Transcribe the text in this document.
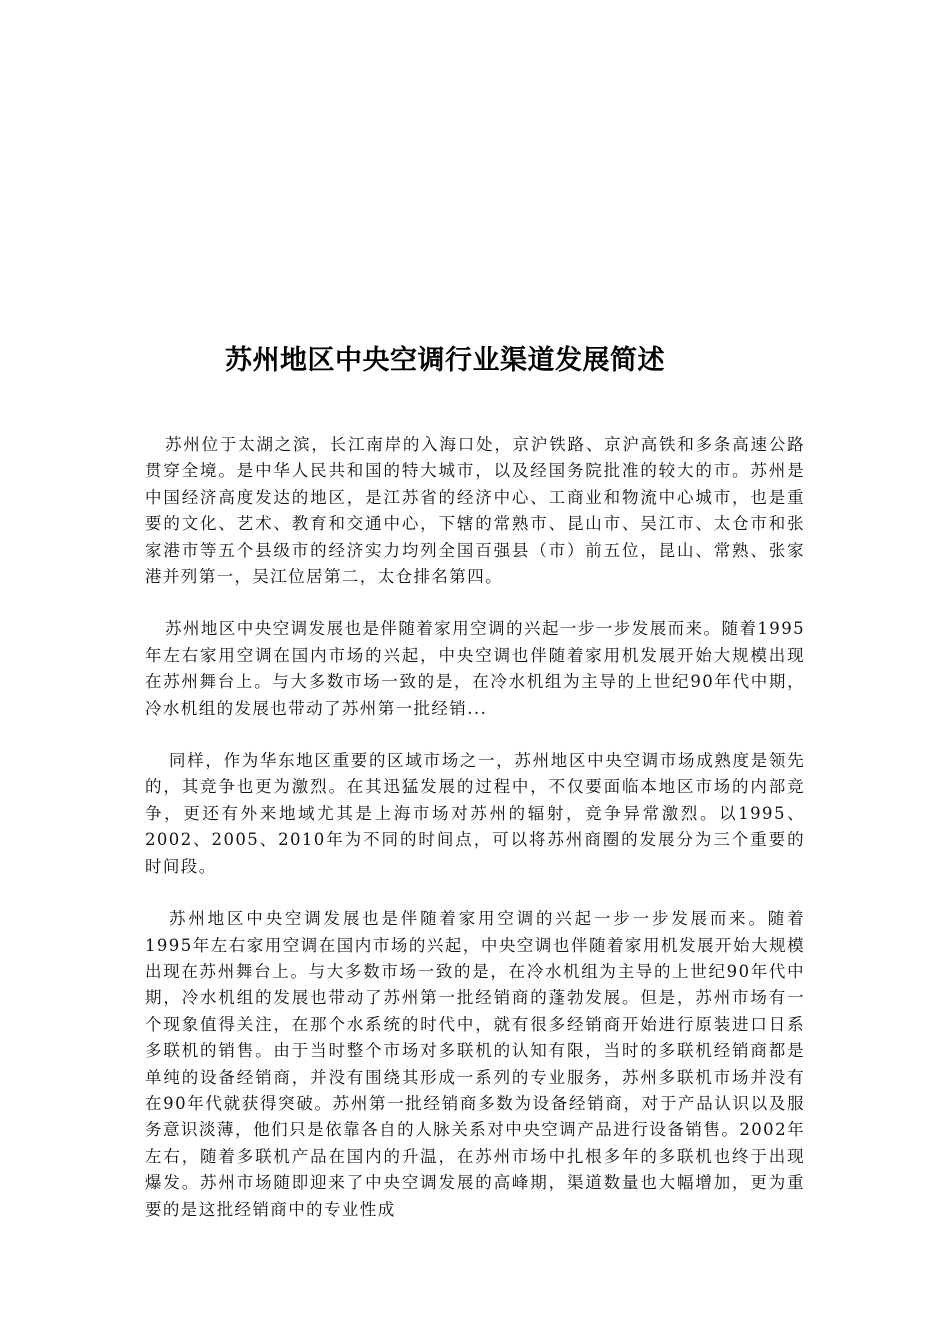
苏州地区中央空调行业渠道发展简述

苏州位于太湖之滨，长江南岸的入海口处，京沪铁路、京沪高铁和多条高速公路贯穿全境。是中华人民共和国的特大城市，以及经国务院批准的较大的市。苏州是中国经济高度发达的地区，是江苏省的经济中心、工商业和物流中心城市，也是重要的文化、艺术、教育和交通中心，下辖的常熟市、昆山市、吴江市、太仓市和张家港市等五个县级市的经济实力均列全国百强县（市）前五位，昆山、常熟、张家港并列第一，吴江位居第二，太仓排名第四。

苏州地区中央空调发展也是伴随着家用空调的兴起一步一步发展而来。随着1995年左右家用空调在国内市场的兴起，中央空调也伴随着家用机发展开始大规模出现在苏州舞台上。与大多数市场一致的是，在冷水机组为主导的上世纪90年代中期，冷水机组的发展也带动了苏州第一批经销...

同样，作为华东地区重要的区域市场之一，苏州地区中央空调市场成熟度是领先的，其竞争也更为激烈。在其迅猛发展的过程中，不仅要面临本地区市场的内部竞争，更还有外来地域尤其是上海市场对苏州的辐射，竞争异常激烈。以1995、2002、2005、2010年为不同的时间点，可以将苏州商圈的发展分为三个重要的时间段。

苏州地区中央空调发展也是伴随着家用空调的兴起一步一步发展而来。随着1995年左右家用空调在国内市场的兴起，中央空调也伴随着家用机发展开始大规模出现在苏州舞台上。与大多数市场一致的是，在冷水机组为主导的上世纪90年代中期，冷水机组的发展也带动了苏州第一批经销商的蓬勃发展。但是，苏州市场有一个现象值得关注，在那个水系统的时代中，就有很多经销商开始进行原装进口日系多联机的销售。由于当时整个市场对多联机的认知有限，当时的多联机经销商都是单纯的设备经销商，并没有围绕其形成一系列的专业服务，苏州多联机市场并没有在90年代就获得突破。苏州第一批经销商多数为设备经销商，对于产品认识以及服务意识淡薄，他们只是依靠各自的人脉关系对中央空调产品进行设备销售。2002年左右，随着多联机产品在国内的升温，在苏州市场中扎根多年的多联机也终于出现爆发。苏州市场随即迎来了中央空调发展的高峰期，渠道数量也大幅增加，更为重要的是这批经销商中的专业性成
